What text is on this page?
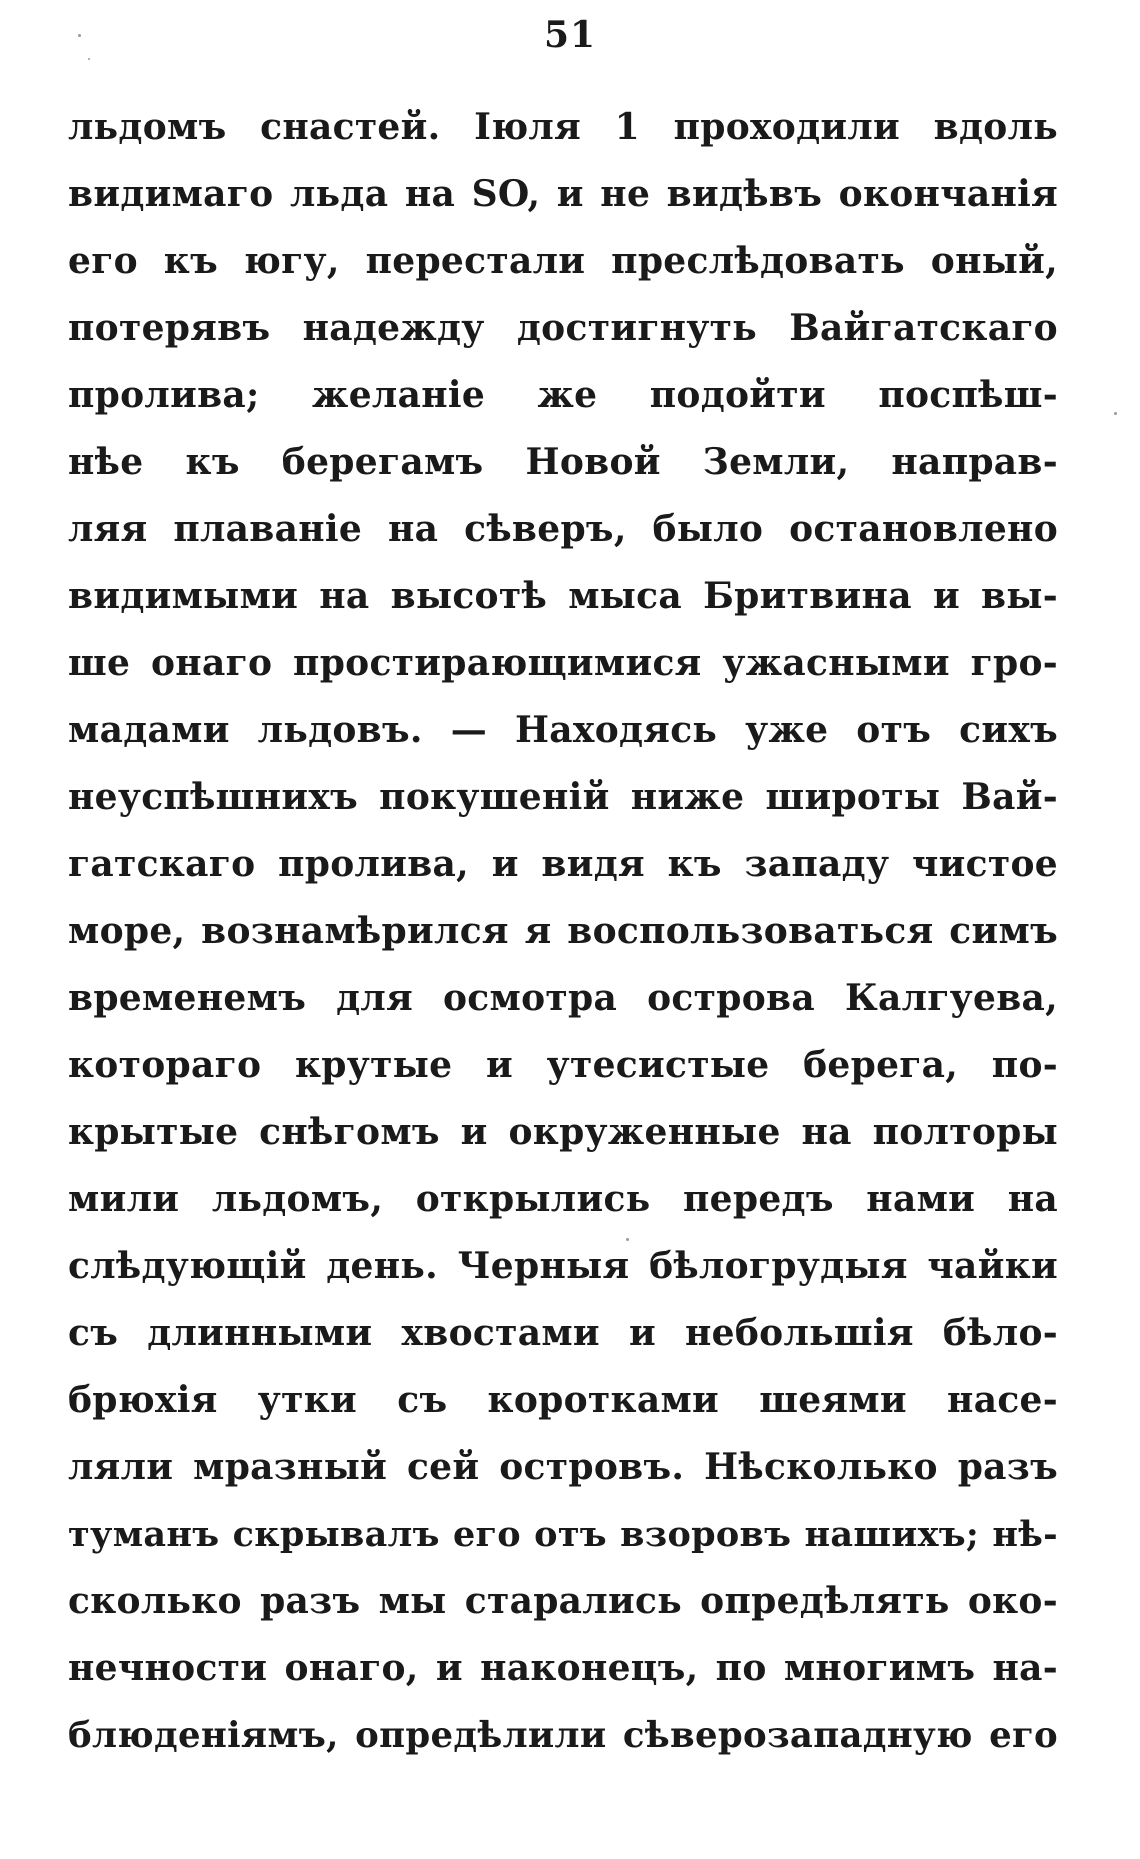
51
льдомъ снастей. Іюля 1 проходили вдоль
видимаго льда на SO, и не видѣвъ окончанія
его къ югу, перестали преслѣдовать оный,
потерявъ надежду достигнуть Вайгатскаго
пролива; желаніе же подойти поспѣш-
нѣе къ берегамъ Новой Земли, направ-
ляя плаваніе на сѣверъ, было остановлено
видимыми на высотѣ мыса Бритвина и вы-
ше онаго простирающимися ужасными гро-
мадами льдовъ. — Находясь уже отъ сихъ
неуспѣшнихъ покушеній ниже широты Вай-
гатскаго пролива, и видя къ западу чистое
море, вознамѣрился я воспользоваться симъ
временемъ для осмотра острова Калгуева,
котораго крутые и утесистые берега, по-
крытые снѣгомъ и окруженные на полторы
мили льдомъ, открылись передъ нами на
слѣдующій день. Черныя бѣлогрудыя чайки
съ длинными хвостами и небольшія бѣло-
брюхія утки съ коротками шеями насе-
ляли мразный сей островъ. Нѣсколько разъ
туманъ скрывалъ его отъ взоровъ нашихъ; нѣ-
сколько разъ мы старались опредѣлять око-
нечности онаго, и наконецъ, по многимъ на-
блюденіямъ, опредѣлили сѣверозападную его
